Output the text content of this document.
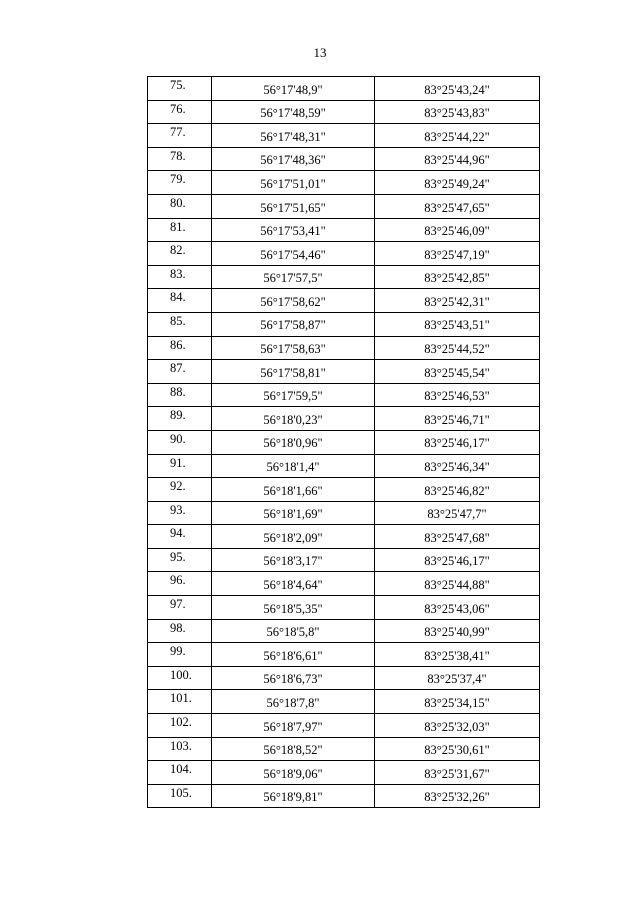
13
75.	56°17'48,9"	83°25'43,24"
76.	56°17'48,59"	83°25'43,83"
77.	56°17'48,31"	83°25'44,22"
78.	56°17'48,36"	83°25'44,96"
79.	56°17'51,01"	83°25'49,24"
80.	56°17'51,65"	83°25'47,65"
81.	56°17'53,41"	83°25'46,09"
82.	56°17'54,46"	83°25'47,19"
83.	56°17'57,5"	83°25'42,85"
84.	56°17'58,62"	83°25'42,31"
85.	56°17'58,87"	83°25'43,51"
86.	56°17'58,63"	83°25'44,52"
87.	56°17'58,81"	83°25'45,54"
88.	56°17'59,5"	83°25'46,53"
89.	56°18'0,23"	83°25'46,71"
90.	56°18'0,96"	83°25'46,17"
91.	56°18'1,4"	83°25'46,34"
92.	56°18'1,66"	83°25'46,82"
93.	56°18'1,69"	83°25'47,7"
94.	56°18'2,09"	83°25'47,68"
95.	56°18'3,17"	83°25'46,17"
96.	56°18'4,64"	83°25'44,88"
97.	56°18'5,35"	83°25'43,06"
98.	56°18'5,8"	83°25'40,99"
99.	56°18'6,61"	83°25'38,41"
100.	56°18'6,73"	83°25'37,4"
101.	56°18'7,8"	83°25'34,15"
102.	56°18'7,97"	83°25'32,03"
103.	56°18'8,52"	83°25'30,61"
104.	56°18'9,06"	83°25'31,67"
105.	56°18'9,81"	83°25'32,26"
